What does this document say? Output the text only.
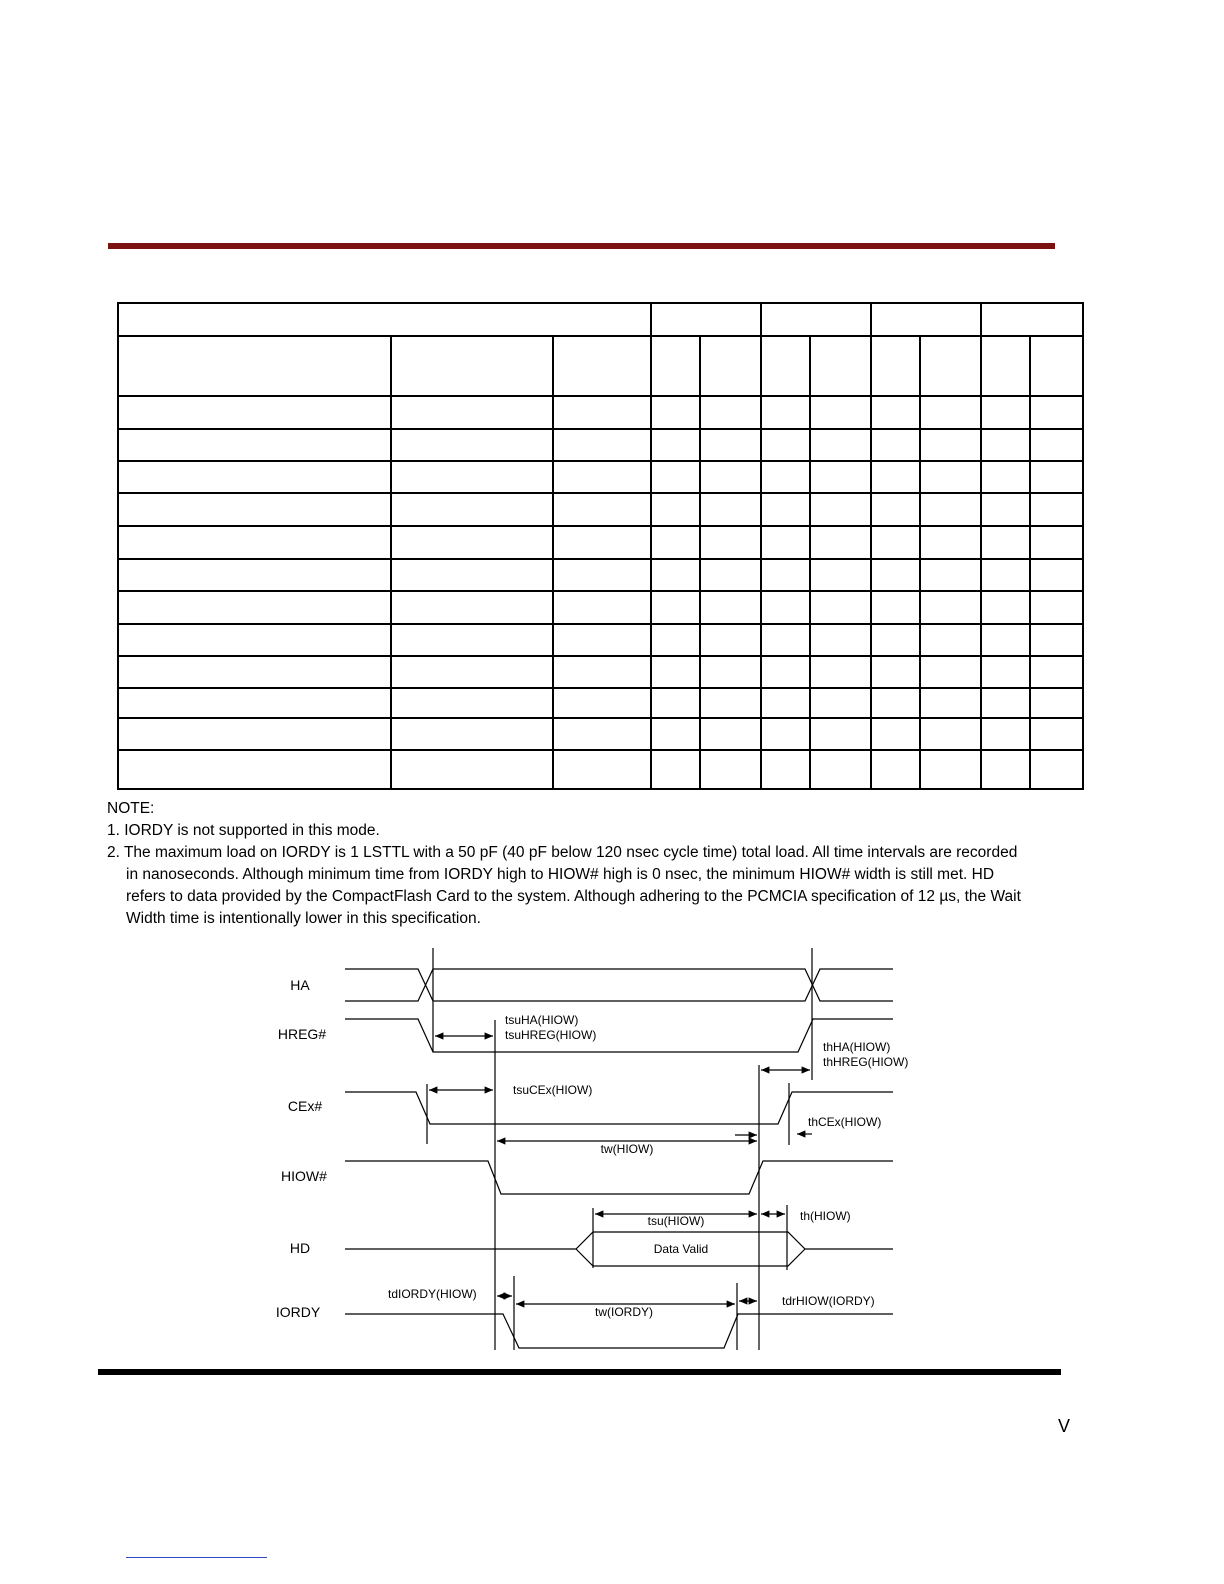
NOTE:

1. IORDY is not supported in this mode.

2. The maximum load on IORDY is 1 LSTTL with a 50 pF (40 pF below 120 nsec cycle time) total load. All time intervals are recorded in nanoseconds. Although minimum time from IORDY high to HIOW# high is 0 nsec, the minimum HIOW# width is still met. HD refers to data provided by the CompactFlash Card to the system. Although adhering to the PCMCIA specification of 12 µs, the Wait Width time is intentionally lower in this specification.

HA
HREG#
CEx#
HIOW#
HD
IORDY
tsuHA(HIOW)
tsuHREG(HIOW)
thHA(HIOW)
thHREG(HIOW)
tsuCEx(HIOW)
thCEx(HIOW)
tw(HIOW)
tsu(HIOW)	th(HIOW)
Data Valid
tdIORDY(HIOW)
tw(IORDY)
tdrHIOW(IORDY)
V
